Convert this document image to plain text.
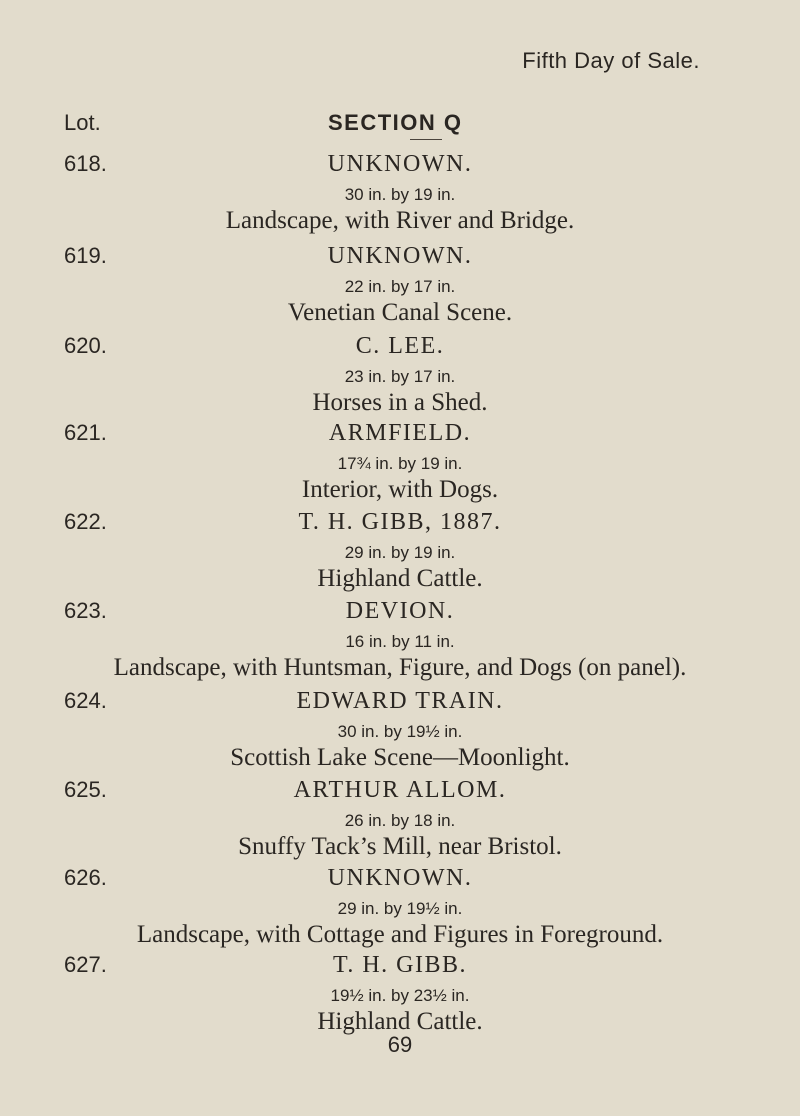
Fifth Day of Sale.

Lot.	SECTION Q

618.	UNKNOWN.
30 in. by 19 in.
Landscape, with River and Bridge.
619.	UNKNOWN.
22 in. by 17 in.
Venetian Canal Scene.
620.	C. LEE.
23 in. by 17 in.
Horses in a Shed.
621.	ARMFIELD.
17¾ in. by 19 in.
Interior, with Dogs.
622.	T. H. GIBB, 1887.
29 in. by 19 in.
Highland Cattle.
623.	DEVION.
16 in. by 11 in.
Landscape, with Huntsman, Figure, and Dogs (on panel).
624.	EDWARD TRAIN.
30 in. by 19½ in.
Scottish Lake Scene—Moonlight.
625.	ARTHUR ALLOM.
26 in. by 18 in.
Snuffy Tack’s Mill, near Bristol.
626.	UNKNOWN.
29 in. by 19½ in.
Landscape, with Cottage and Figures in Foreground.
627.	T. H. GIBB.
19½ in. by 23½ in.
Highland Cattle.
69
